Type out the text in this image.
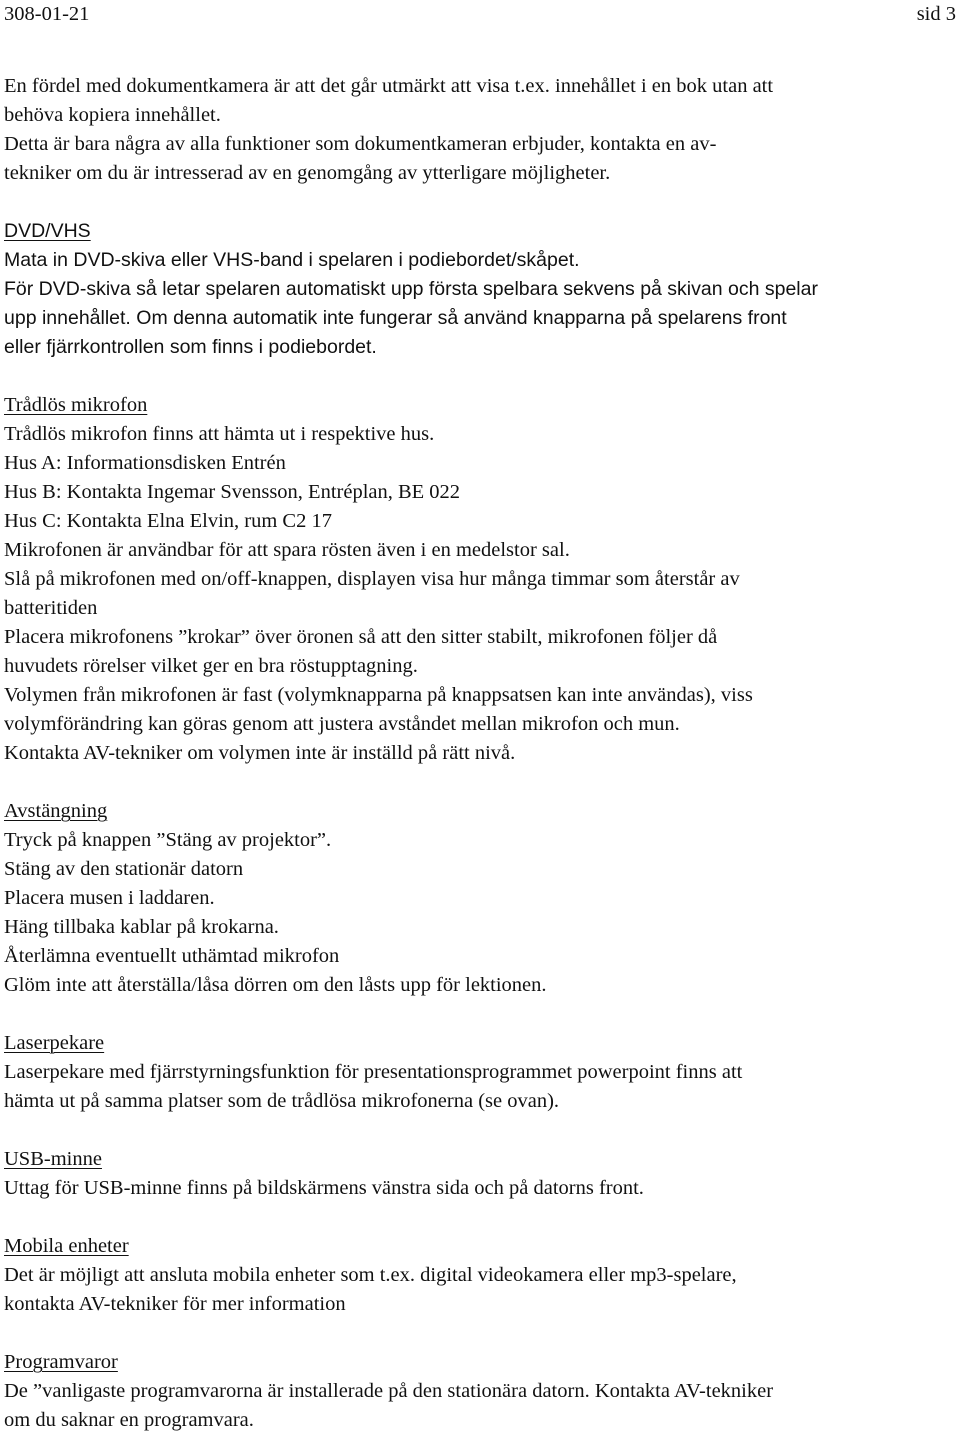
308-01-21	sid 3

En fördel med dokumentkamera är att det går utmärkt att visa t.ex. innehållet i en bok utan att

behöva kopiera innehållet.

Detta är bara några av alla funktioner som dokumentkameran erbjuder, kontakta en av-

tekniker om du är intresserad av en genomgång av ytterligare möjligheter.

DVD/VHS

Mata in DVD-skiva eller VHS-band i spelaren i podiebordet/skåpet.

För DVD-skiva så letar spelaren automatiskt upp första spelbara sekvens på skivan och spelar

upp innehållet. Om denna automatik inte fungerar så använd knapparna på spelarens front

eller fjärrkontrollen som finns i podiebordet.

Trådlös mikrofon

Trådlös mikrofon finns att hämta ut i respektive hus.

Hus A: Informationsdisken Entrén

Hus B: Kontakta Ingemar Svensson, Entréplan, BE 022

Hus C: Kontakta Elna Elvin, rum C2 17

Mikrofonen är användbar för att spara rösten även i en medelstor sal.

Slå på mikrofonen med on/off-knappen, displayen visa hur många timmar som återstår av

batteritiden

Placera mikrofonens ”krokar” över öronen så att den sitter stabilt, mikrofonen följer då

huvudets rörelser vilket ger en bra röstupptagning.

Volymen från mikrofonen är fast (volymknapparna på knappsatsen kan inte användas), viss

volymförändring kan göras genom att justera avståndet mellan mikrofon och mun.

Kontakta AV-tekniker om volymen inte är inställd på rätt nivå.

Avstängning

Tryck på knappen ”Stäng av projektor”.

Stäng av den stationär datorn

Placera musen i laddaren.

Häng tillbaka kablar på krokarna.

Återlämna eventuellt uthämtad mikrofon

Glöm inte att återställa/låsa dörren om den låsts upp för lektionen.

Laserpekare

Laserpekare med fjärrstyrningsfunktion för presentationsprogrammet powerpoint finns att

hämta ut på samma platser som de trådlösa mikrofonerna (se ovan).

USB-minne

Uttag för USB-minne finns på bildskärmens vänstra sida och på datorns front.

Mobila enheter

Det är möjligt att ansluta mobila enheter som t.ex. digital videokamera eller mp3-spelare,

kontakta AV-tekniker för mer information

Programvaror

De ”vanligaste programvarorna är installerade på den stationära datorn. Kontakta AV-tekniker

om du saknar en programvara.
